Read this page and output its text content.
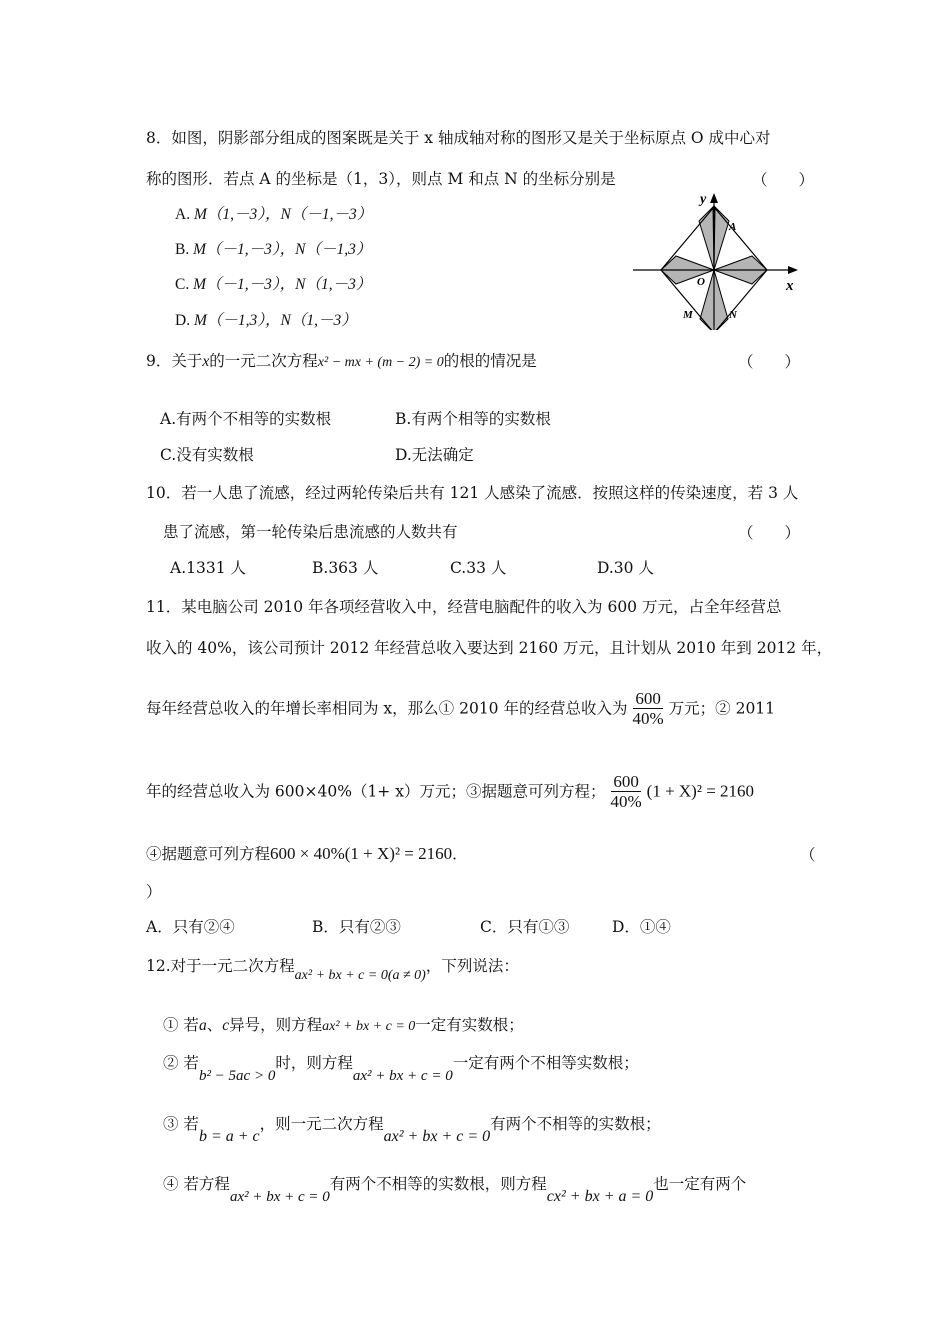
8．如图，阴影部分组成的图案既是关于 x 轴成轴对称的图形又是关于坐标原点 O 成中心对
称的图形．若点 A 的坐标是（1，3），则点 M 和点 N 的坐标分别是	（　　）
A. M（1,－3），N（－1,－3）
B. M（－1,－3），N（－1,3）
C. M（－1,－3），N（1,－3）
D. M（－1,3），N（1,－3）
y
x
A
O
M	N
9．关于x的一元二次方程x² − mx + (m − 2) = 0的根的情况是	（　　）
A.有两个不相等的实数根	B.有两个相等的实数根
C.没有实数根	D.无法确定
10．若一人患了流感，经过两轮传染后共有 121 人感染了流感．按照这样的传染速度，若 3 人
患了流感，第一轮传染后患流感的人数共有	（　　）
A.1331 人	B.363 人	C.33 人	D.30 人
11．某电脑公司 2010 年各项经营收入中，经营电脑配件的收入为 600 万元，占全年经营总
收入的 40%，该公司预计 2012 年经营总收入要达到 2160 万元，且计划从 2010 年到 2012 年，
每年经营总收入的年增长率相同为 x，那么① 2010 年的经营总收入为 $\frac{600}{40\%}$ 万元；② 2011
年的经营总收入为 600×40%（1+ x）万元；③据题意可列方程； $\frac{600}{40\%} (1 + X)^2 = 2160$
④据题意可列方程600 × 40%(1 + X)² = 2160．	（
）
A．只有②④	B．只有②③	C．只有①③	D．①④
12.对于一元二次方程ax² + bx + c = 0(a ≠ 0)，下列说法：
① 若a、c异号，则方程ax² + bx + c = 0一定有实数根；
② 若b² − 5ac > 0时，则方程ax² + bx + c = 0一定有两个不相等实数根；
③ 若b = a + c，则一元二次方程ax² + bx + c = 0有两个不相等的实数根；
④ 若方程ax² + bx + c = 0有两个不相等的实数根，则方程cx² + bx + a = 0也一定有两个
